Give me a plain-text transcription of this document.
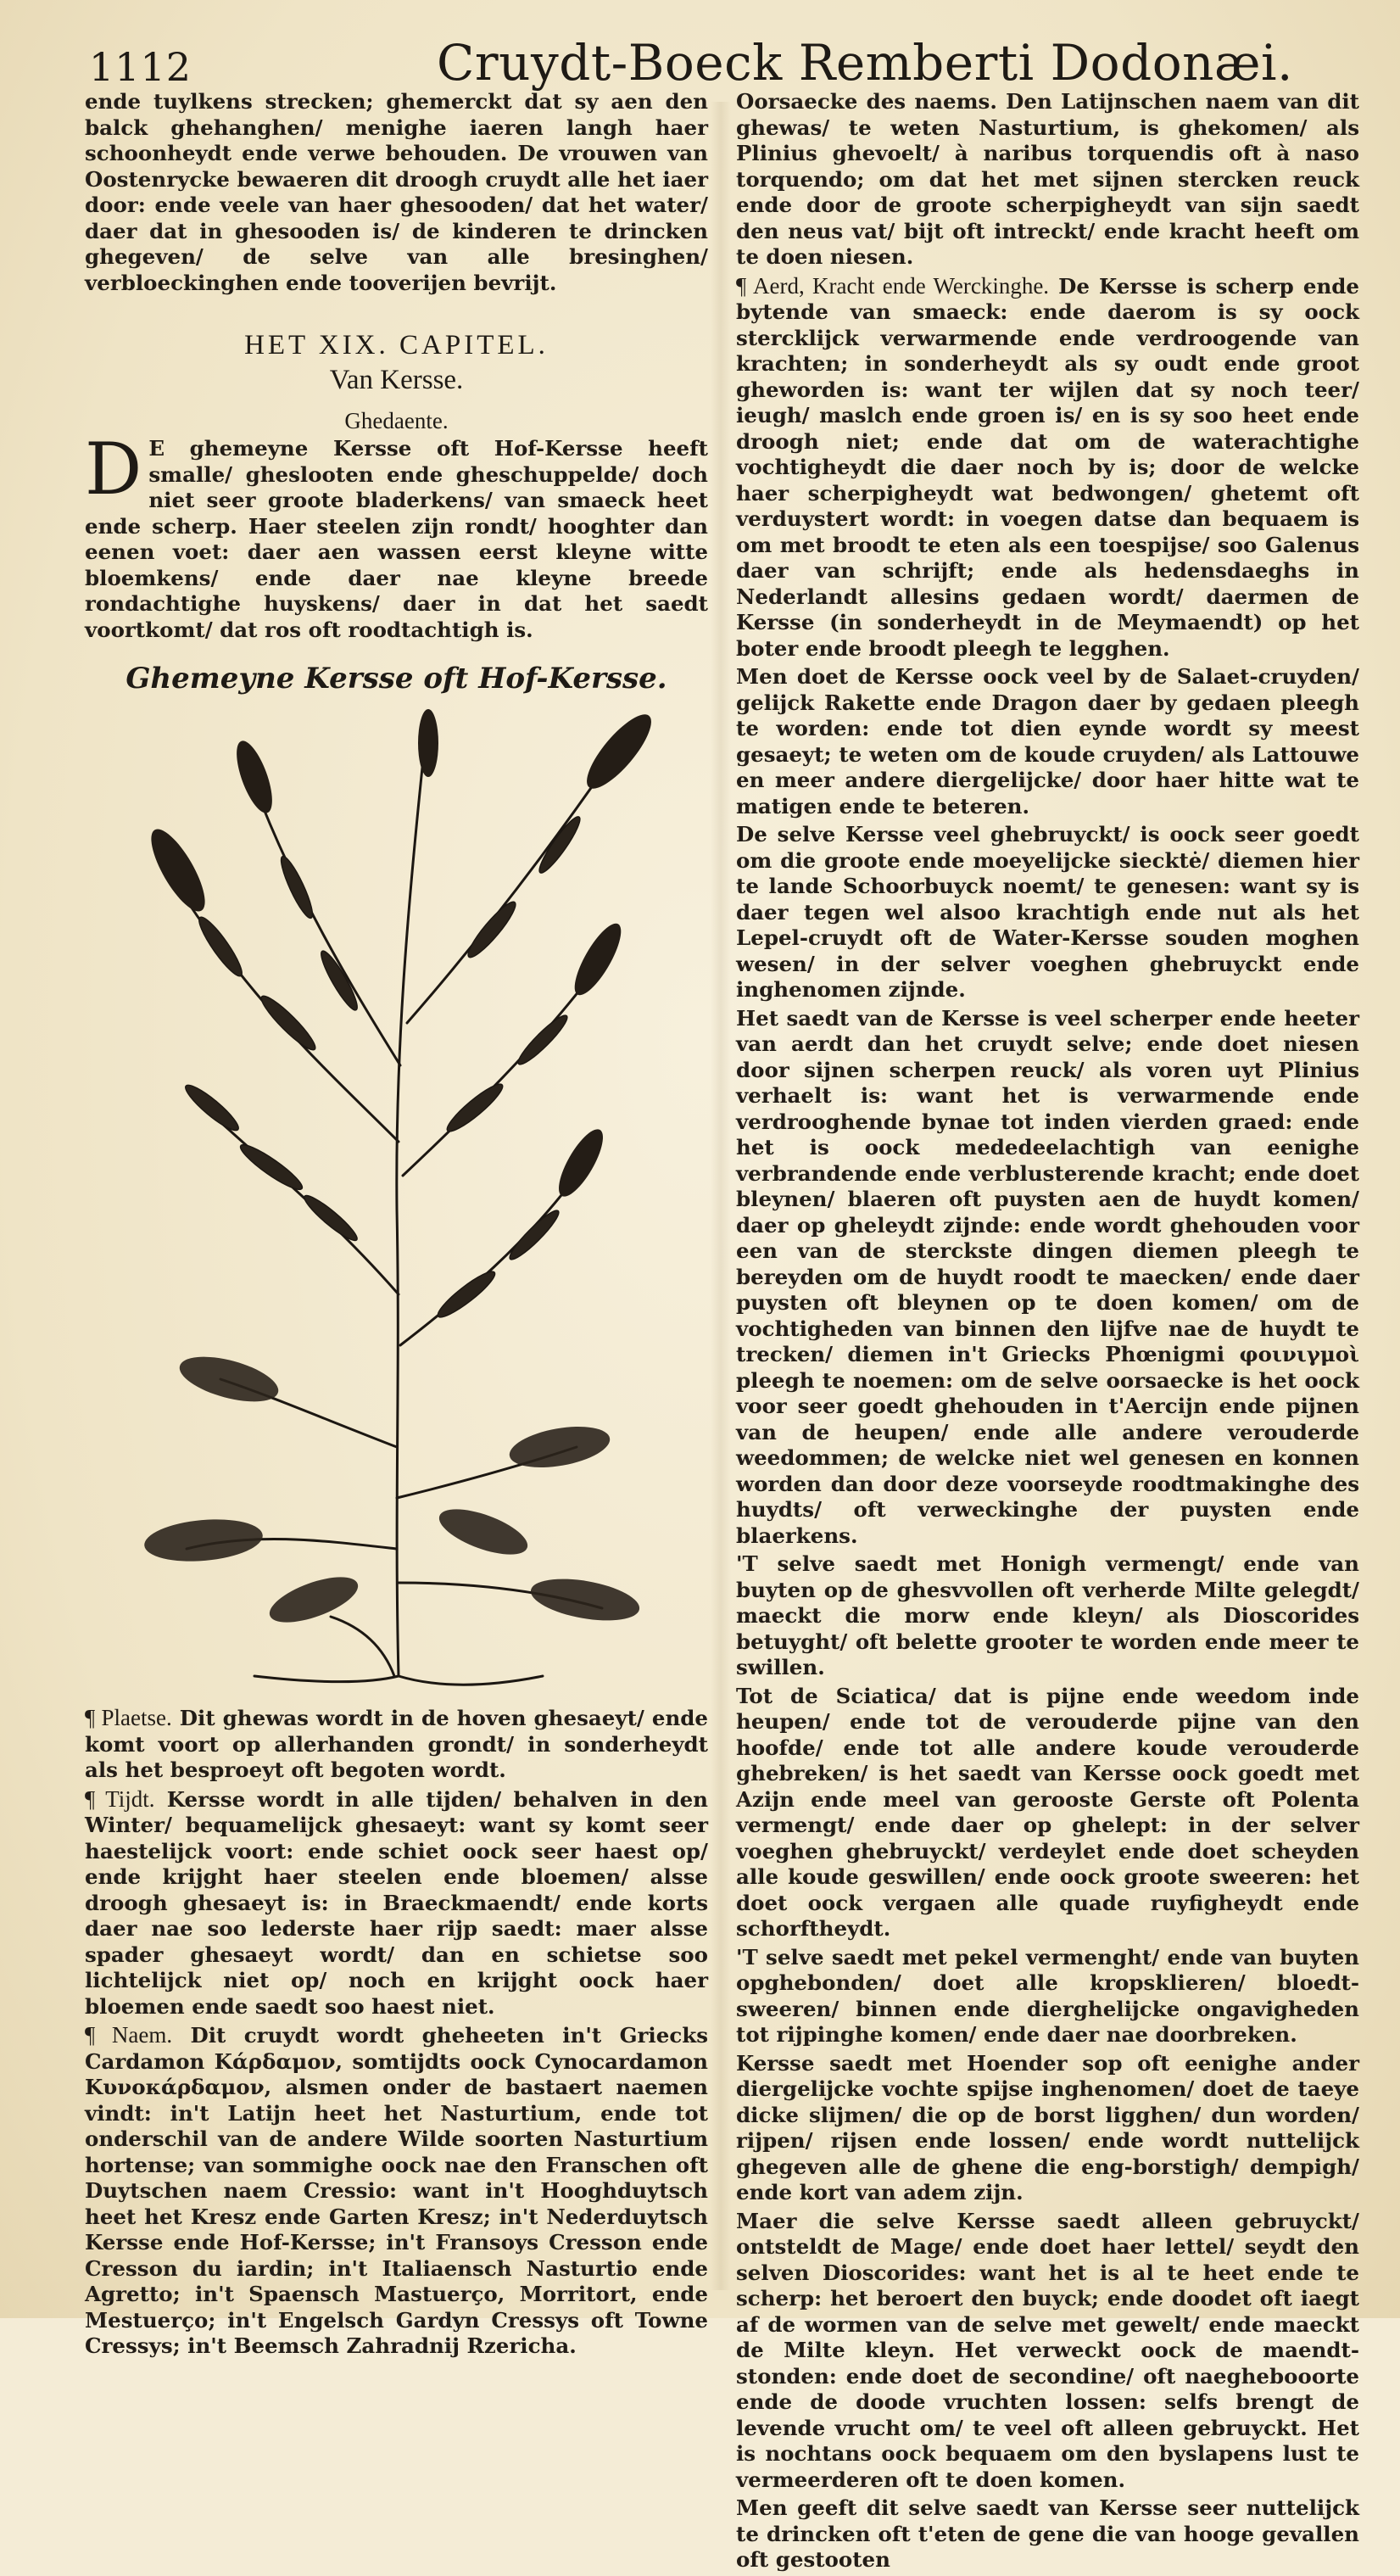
1112	Cruydt-Boeck Remberti Dodonæi.

ende tuylkens strecken; ghemerckt dat sy aen den balck ghehanghen/ menighe iaeren langh haer schoonheydt ende verwe behouden. De vrouwen van Oostenrycke bewaeren dit droogh cruydt alle het iaer door: ende veele van haer ghesooden/ dat het water/ daer dat in ghesooden is/ de kinderen te drincken ghegeven/ de selve van alle bresinghen/ verbloeckinghen ende tooverijen bevrijt.

HET XIX. CAPITEL.
Van Kersse.
Ghedaente.
D E ghemeyne Kersse oft Hof-Kersse heeft smalle/ gheslooten ende gheschuppelde/ doch niet seer groote bladerkens/ van smaeck heet ende scherp. Haer steelen zijn rondt/ hooghter dan eenen voet: daer aen wassen eerst kleyne witte bloemkens/ ende daer nae kleyne breede rondachtighe huyskens/ daer in dat het saedt voortkomt/ dat ros oft roodtachtigh is.

Ghemeyne Kersse oft Hof-Kersse.

¶ Plaetse. Dit ghewas wordt in de hoven ghesaeyt/ ende komt voort op allerhanden grondt/ in sonderheydt als het besproeyt oft begoten wordt.

¶ Tijdt. Kersse wordt in alle tijden/ behalven in den Winter/ bequamelijck ghesaeyt: want sy komt seer haestelijck voort: ende schiet oock seer haest op/ ende krijght haer steelen ende bloemen/ alsse droogh ghesaeyt is: in Braeckmaendt/ ende korts daer nae soo lederste haer rijp saedt: maer alsse spader ghesaeyt wordt/ dan en schietse soo lichtelijck niet op/ noch en krijght oock haer bloemen ende saedt soo haest niet.

¶ Naem. Dit cruydt wordt gheheeten in't Griecks Cardamon Κάρδαμον, somtijdts oock Cynocardamon Κυνοκάρδαμον, alsmen onder de bastaert naemen vindt: in't Latijn heet het Nasturtium, ende tot onderschil van de andere Wilde soorten Nasturtium hortense; van sommighe oock nae den Franschen oft Duytschen naem Cressio: want in't Hooghduytsch heet het Kresz ende Garten Kresz; in't Nederduytsch Kersse ende Hof-Kersse; in't Fransoys Cresson ende Cresson du iardin; in't Italiaensch Nasturtio ende Agretto; in't Spaensch Mastuerço, Morritort, ende Mestuerço; in't Engelsch Gardyn Cressys oft Towne Cressys; in't Beemsch Zahradnij Rzericha.

Oorsaecke des naems. Den Latijnschen naem van dit ghewas/ te weten Nasturtium, is ghekomen/ als Plinius ghevoelt/ à naribus torquendis oft à naso torquendo; om dat het met sijnen stercken reuck ende door de groote scherpigheydt van sijn saedt den neus vat/ bijt oft intreckt/ ende kracht heeft om te doen niesen.

¶ Aerd, Kracht ende Werckinghe. De Kersse is scherp ende bytende van smaeck: ende daerom is sy oock stercklijck verwarmende ende verdroogende van krachten; in sonderheydt als sy oudt ende groot gheworden is: want ter wijlen dat sy noch teer/ ieugh/ maslch ende groen is/ en is sy soo heet ende droogh niet; ende dat om de waterachtighe vochtigheydt die daer noch by is; door de welcke haer scherpigheydt wat bedwongen/ ghetemt oft verduystert wordt: in voegen datse dan bequaem is om met broodt te eten als een toespijse/ soo Galenus daer van schrijft; ende als hedensdaeghs in Nederlandt allesins gedaen wordt/ daermen de Kersse (in sonderheydt in de Meymaendt) op het boter ende broodt pleegh te legghen.

Men doet de Kersse oock veel by de Salaet-cruyden/ gelijck Rakette ende Dragon daer by gedaen pleegh te worden: ende tot dien eynde wordt sy meest gesaeyt; te weten om de koude cruyden/ als Lattouwe en meer andere diergelijcke/ door haer hitte wat te matigen ende te beteren.

De selve Kersse veel ghebruyckt/ is oock seer goedt om die groote ende moeyelijcke siecktė/ diemen hier te lande Schoorbuyck noemt/ te genesen: want sy is daer tegen wel alsoo krachtigh ende nut als het Lepel-cruydt oft de Water-Kersse souden moghen wesen/ in der selver voeghen ghebruyckt ende inghenomen zijnde.

Het saedt van de Kersse is veel scherper ende heeter van aerdt dan het cruydt selve; ende doet niesen door sijnen scherpen reuck/ als voren uyt Plinius verhaelt is: want het is verwarmende ende verdrooghende bynae tot inden vierden graed: ende het is oock mededeelachtigh van eenighe verbrandende ende verblusterende kracht; ende doet bleynen/ blaeren oft puysten aen de huydt komen/ daer op gheleydt zijnde: ende wordt ghehouden voor een van de sterckste dingen diemen pleegh te bereyden om de huydt roodt te maecken/ ende daer puysten oft bleynen op te doen komen/ om de vochtigheden van binnen den lijfve nae de huydt te trecken/ diemen in't Griecks Phœnigmi φοινιγμοὶ pleegh te noemen: om de selve oorsaecke is het oock voor seer goedt ghehouden in t'Aercijn ende pijnen van de heupen/ ende alle andere verouderde weedommen; de welcke niet wel genesen en konnen worden dan door deze voorseyde roodtmakinghe des huydts/ oft verweckinghe der puysten ende blaerkens.

'T selve saedt met Honigh vermengt/ ende van buyten op de ghesvvollen oft verherde Milte gelegdt/ maeckt die morw ende kleyn/ als Dioscorides betuyght/ oft belette grooter te worden ende meer te swillen.

Tot de Sciatica/ dat is pijne ende weedom inde heupen/ ende tot de verouderde pijne van den hoofde/ ende tot alle andere koude verouderde ghebreken/ is het saedt van Kersse oock goedt met Azijn ende meel van gerooste Gerste oft Polenta vermengt/ ende daer op ghelept: in der selver voeghen ghebruyckt/ verdeylet ende doet scheyden alle koude geswillen/ ende oock groote sweeren: het doet oock vergaen alle quade ruyfigheydt ende schorftheydt.

'T selve saedt met pekel vermenght/ ende van buyten opghebonden/ doet alle kropsklieren/ bloedt-sweeren/ binnen ende dierghelijcke ongavigheden tot rijpinghe komen/ ende daer nae doorbreken.

Kersse saedt met Hoender sop oft eenighe ander diergelijcke vochte spijse inghenomen/ doet de taeye dicke slijmen/ die op de borst ligghen/ dun worden/ rijpen/ rijsen ende lossen/ ende wordt nuttelijck ghegeven alle de ghene die eng-borstigh/ dempigh/ ende kort van adem zijn.

Maer die selve Kersse saedt alleen gebruyckt/ ontsteldt de Mage/ ende doet haer lettel/ seydt den selven Dioscorides: want het is al te heet ende te scherp: het beroert den buyck; ende doodet oft iaegt af de wormen van de selve met gewelt/ ende maeckt de Milte kleyn. Het verweckt oock de maendt-stonden: ende doet de secondine/ oft naeghebooorte ende de doode vruchten lossen: selfs brengt de levende vrucht om/ te veel oft alleen gebruyckt. Het is nochtans oock bequaem om den byslapens lust te vermeerderen oft te doen komen.

Men geeft dit selve saedt van Kersse seer nuttelijck te drincken oft t'eten de gene die van hooge gevallen oft gestooten
